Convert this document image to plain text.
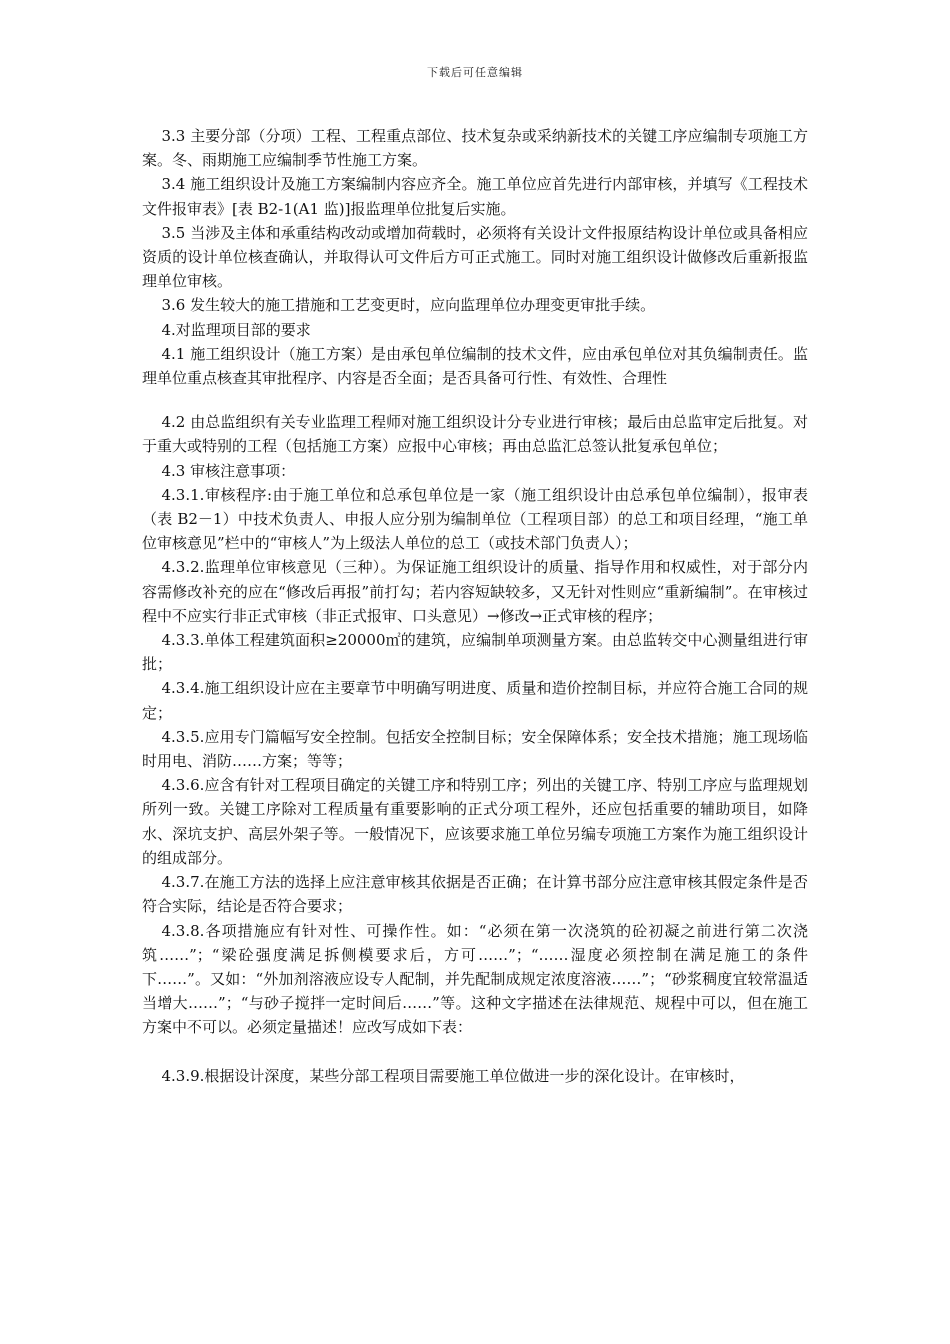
下载后可任意编辑

3.3 主要分部（分项）工程、工程重点部位、技术复杂或采纳新技术的关键工序应编制专项施工方案。冬、雨期施工应编制季节性施工方案。

3.4 施工组织设计及施工方案编制内容应齐全。施工单位应首先进行内部审核，并填写《工程技术文件报审表》[表 B2-1(A1 监)]报监理单位批复后实施。

3.5 当涉及主体和承重结构改动或增加荷载时，必须将有关设计文件报原结构设计单位或具备相应资质的设计单位核查确认，并取得认可文件后方可正式施工。同时对施工组织设计做修改后重新报监理单位审核。

3.6 发生较大的施工措施和工艺变更时，应向监理单位办理变更审批手续。

4.对监理项目部的要求

4.1 施工组织设计（施工方案）是由承包单位编制的技术文件，应由承包单位对其负编制责任。监理单位重点核查其审批程序、内容是否全面；是否具备可行性、有效性、合理性

4.2 由总监组织有关专业监理工程师对施工组织设计分专业进行审核；最后由总监审定后批复。对于重大或特别的工程（包括施工方案）应报中心审核；再由总监汇总签认批复承包单位；

4.3 审核注意事项：

4.3.1.审核程序:由于施工单位和总承包单位是一家（施工组织设计由总承包单位编制），报审表（表 B2－1）中技术负责人、申报人应分别为编制单位（工程项目部）的总工和项目经理，“施工单位审核意见”栏中的“审核人”为上级法人单位的总工（或技术部门负责人）；

4.3.2.监理单位审核意见（三种）。为保证施工组织设计的质量、指导作用和权威性，对于部分内容需修改补充的应在“修改后再报”前打勾；若内容短缺较多，又无针对性则应“重新编制”。在审核过程中不应实行非正式审核（非正式报审、口头意见）→修改→正式审核的程序；

4.3.3.单体工程建筑面积≥20000㎡的建筑，应编制单项测量方案。由总监转交中心测量组进行审批；

4.3.4.施工组织设计应在主要章节中明确写明进度、质量和造价控制目标，并应符合施工合同的规定；

4.3.5.应用专门篇幅写安全控制。包括安全控制目标；安全保障体系；安全技术措施；施工现场临时用电、消防……方案；等等；

4.3.6.应含有针对工程项目确定的关键工序和特别工序；列出的关键工序、特别工序应与监理规划所列一致。关键工序除对工程质量有重要影响的正式分项工程外，还应包括重要的辅助项目，如降水、深坑支护、高层外架子等。一般情况下，应该要求施工单位另编专项施工方案作为施工组织设计的组成部分。

4.3.7.在施工方法的选择上应注意审核其依据是否正确；在计算书部分应注意审核其假定条件是否符合实际，结论是否符合要求；

4.3.8.各项措施应有针对性、可操作性。如：“必须在第一次浇筑的砼初凝之前进行第二次浇筑……”；“梁砼强度满足拆侧模要求后，方可……”；“……湿度必须控制在满足施工的条件下……”。又如：“外加剂溶液应设专人配制，并先配制成规定浓度溶液……”；“砂浆稠度宜较常温适当增大……”；“与砂子搅拌一定时间后……”等。这种文字描述在法律规范、规程中可以，但在施工方案中不可以。必须定量描述！应改写成如下表：

4.3.9.根据设计深度，某些分部工程项目需要施工单位做进一步的深化设计。在审核时，
